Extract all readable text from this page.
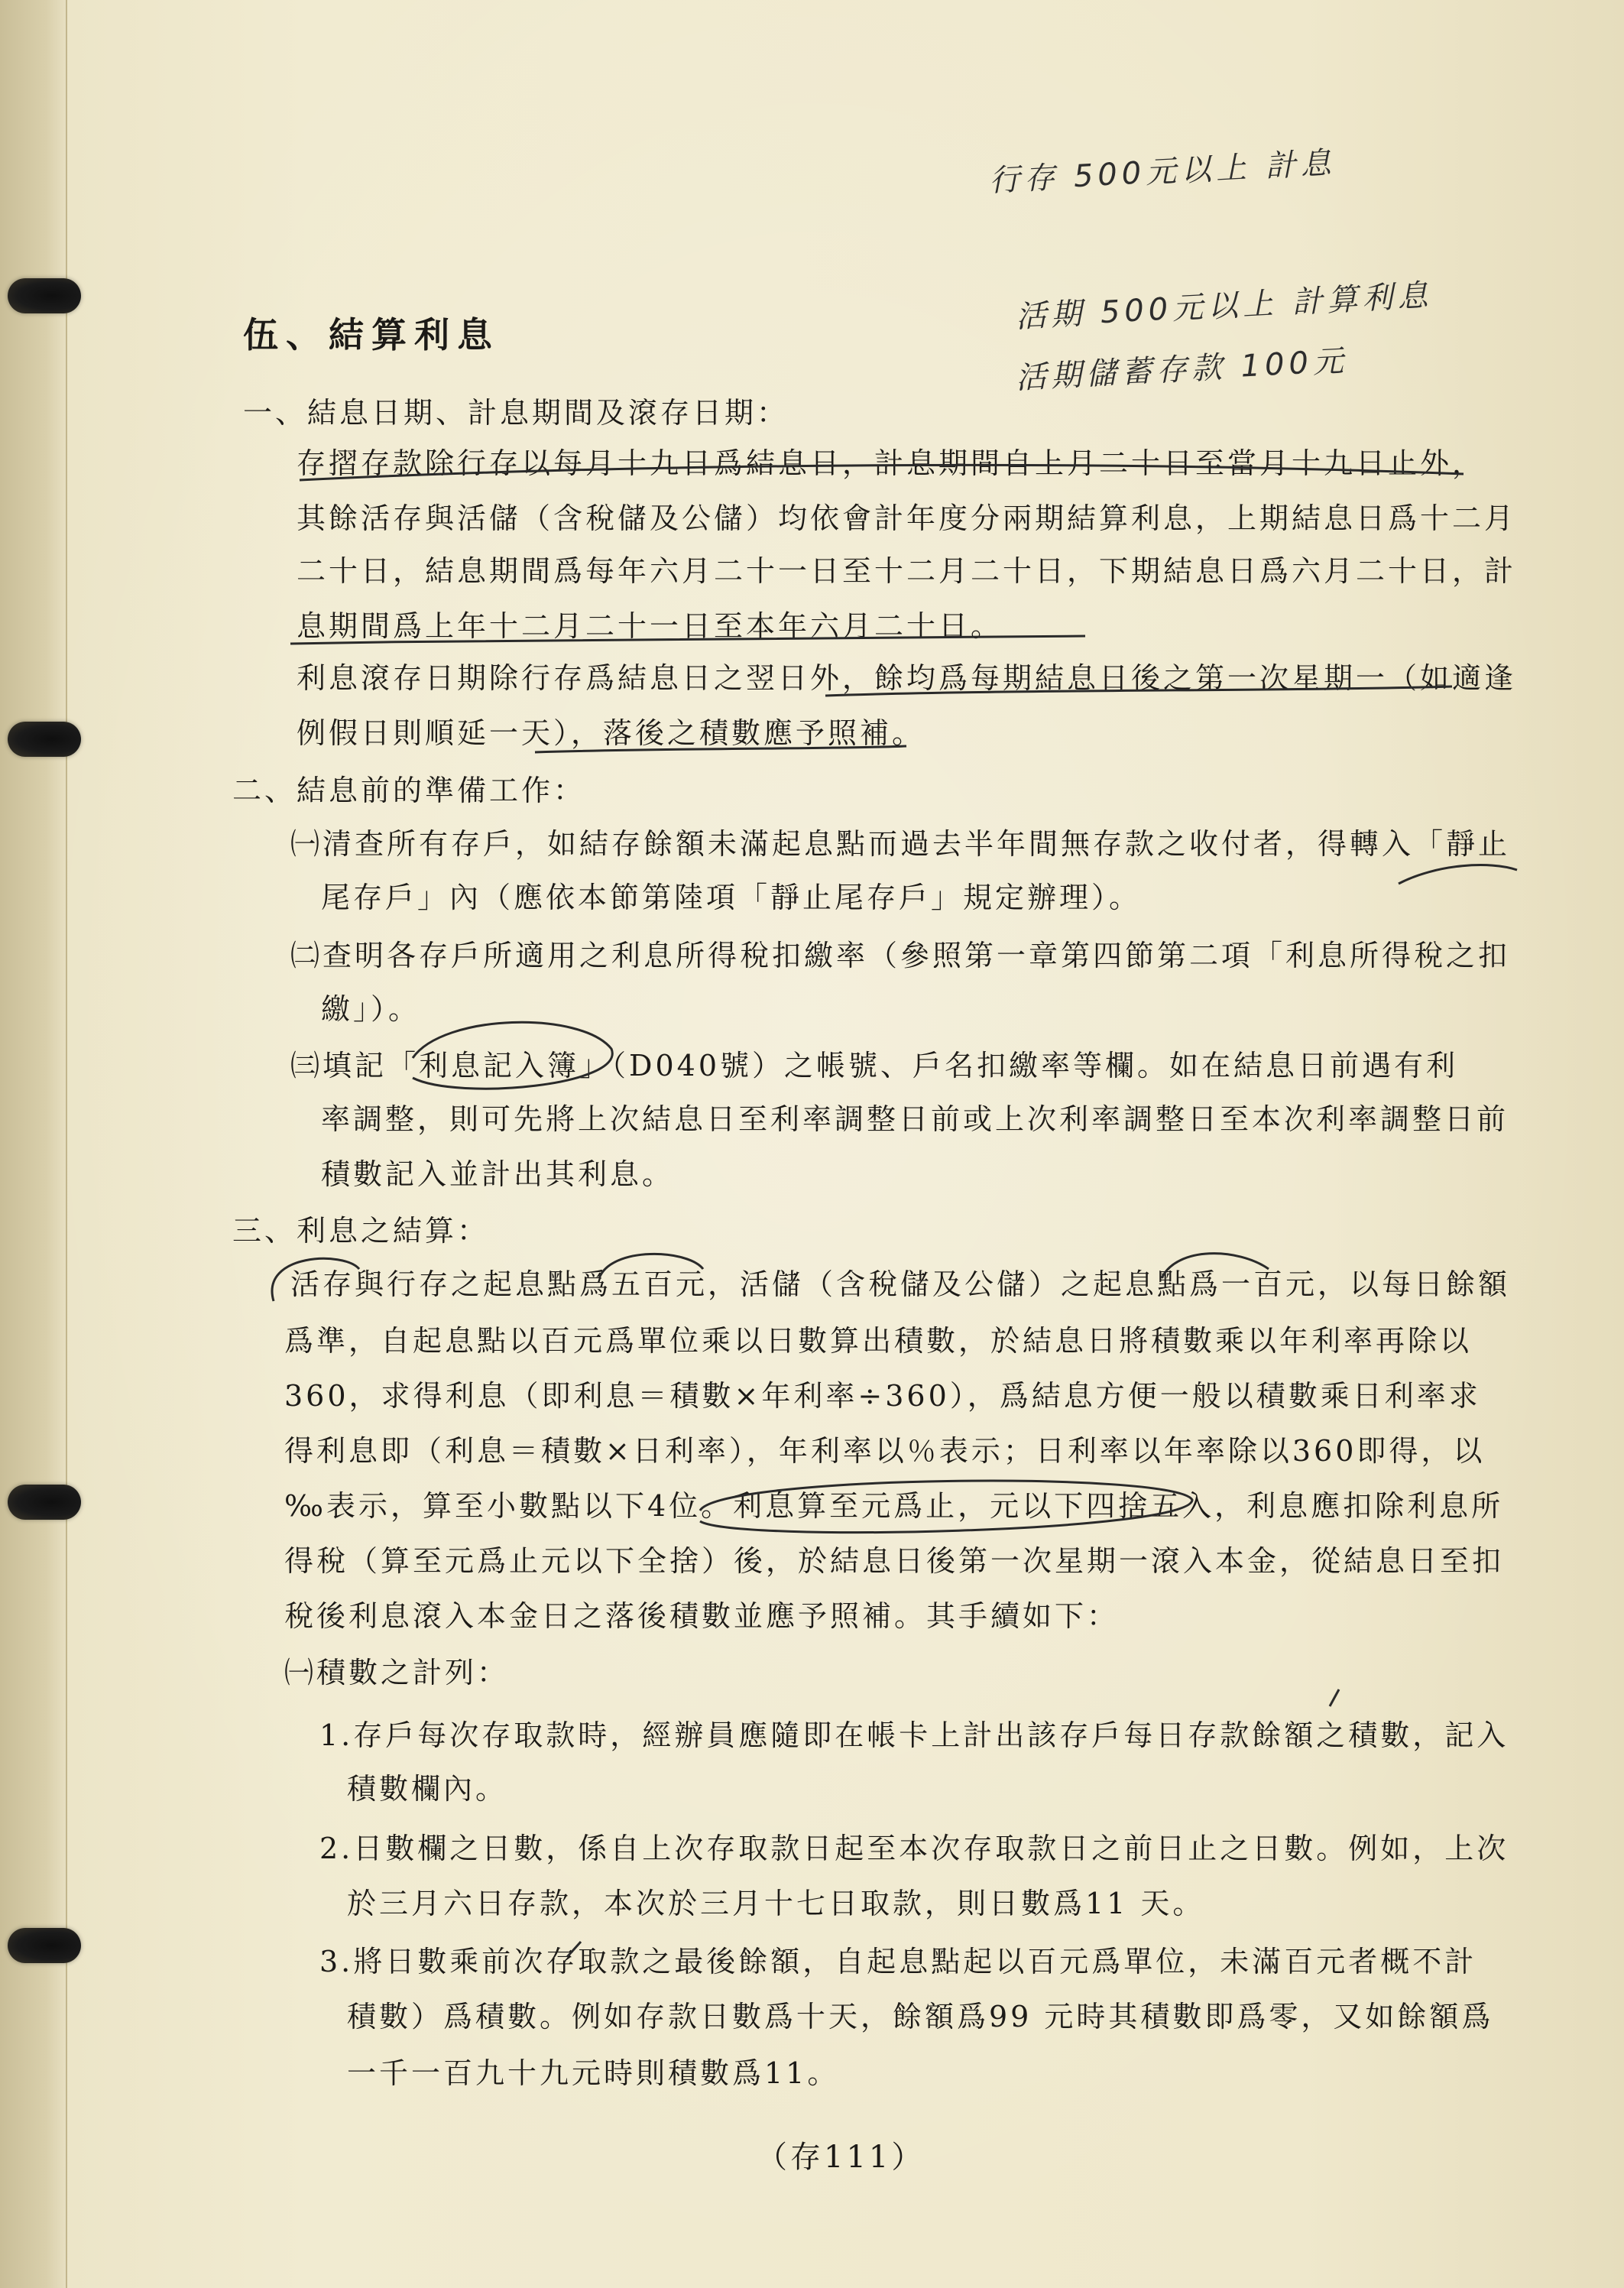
行存 500元以上 計息
活期 500元以上 計算利息
活期儲蓄存款 100元
伍、結算利息
一、結息日期、計息期間及滾存日期：
存摺存款除行存以每月十九日爲結息日，計息期間自上月二十日至當月十九日止外，
其餘活存與活儲（含稅儲及公儲）均依會計年度分兩期結算利息，上期結息日爲十二月
二十日，結息期間爲每年六月二十一日至十二月二十日，下期結息日爲六月二十日，計
息期間爲上年十二月二十一日至本年六月二十日。
利息滾存日期除行存爲結息日之翌日外，餘均爲每期結息日後之第一次星期一（如適逢
例假日則順延一天），落後之積數應予照補。
二、結息前的準備工作：
㈠清查所有存戶，如結存餘額未滿起息點而過去半年間無存款之收付者，得轉入「靜止
尾存戶」內（應依本節第陸項「靜止尾存戶」規定辦理）。
㈡查明各存戶所適用之利息所得稅扣繳率（參照第一章第四節第二項「利息所得稅之扣
繳」）。
㈢填記「利息記入簿」（D040號）之帳號、戶名扣繳率等欄。如在結息日前遇有利
率調整，則可先將上次結息日至利率調整日前或上次利率調整日至本次利率調整日前
積數記入並計出其利息。
三、利息之結算：
活存與行存之起息點爲五百元，活儲（含稅儲及公儲）之起息點爲一百元，以每日餘額
爲準，自起息點以百元爲單位乘以日數算出積數，於結息日將積數乘以年利率再除以
360，求得利息（即利息＝積數×年利率÷360），爲結息方便一般以積數乘日利率求
得利息即（利息＝積數×日利率），年利率以％表示；日利率以年率除以360即得，以
‰表示，算至小數點以下4位。利息算至元爲止，元以下四捨五入，利息應扣除利息所
得稅（算至元爲止元以下全捨）後，於結息日後第一次星期一滾入本金，從結息日至扣
稅後利息滾入本金日之落後積數並應予照補。其手續如下：
㈠積數之計列：
1.存戶每次存取款時，經辦員應隨即在帳卡上計出該存戶每日存款餘額之積數，記入
積數欄內。
2.日數欄之日數，係自上次存取款日起至本次存取款日之前日止之日數。例如，上次
於三月六日存款，本次於三月十七日取款，則日數爲11 天。
3.將日數乘前次存取款之最後餘額，自起息點起以百元爲單位，未滿百元者概不計
積數）爲積數。例如存款日數爲十天，餘額爲99 元時其積數即爲零，又如餘額爲
一千一百九十九元時則積數爲11。
（存111）
